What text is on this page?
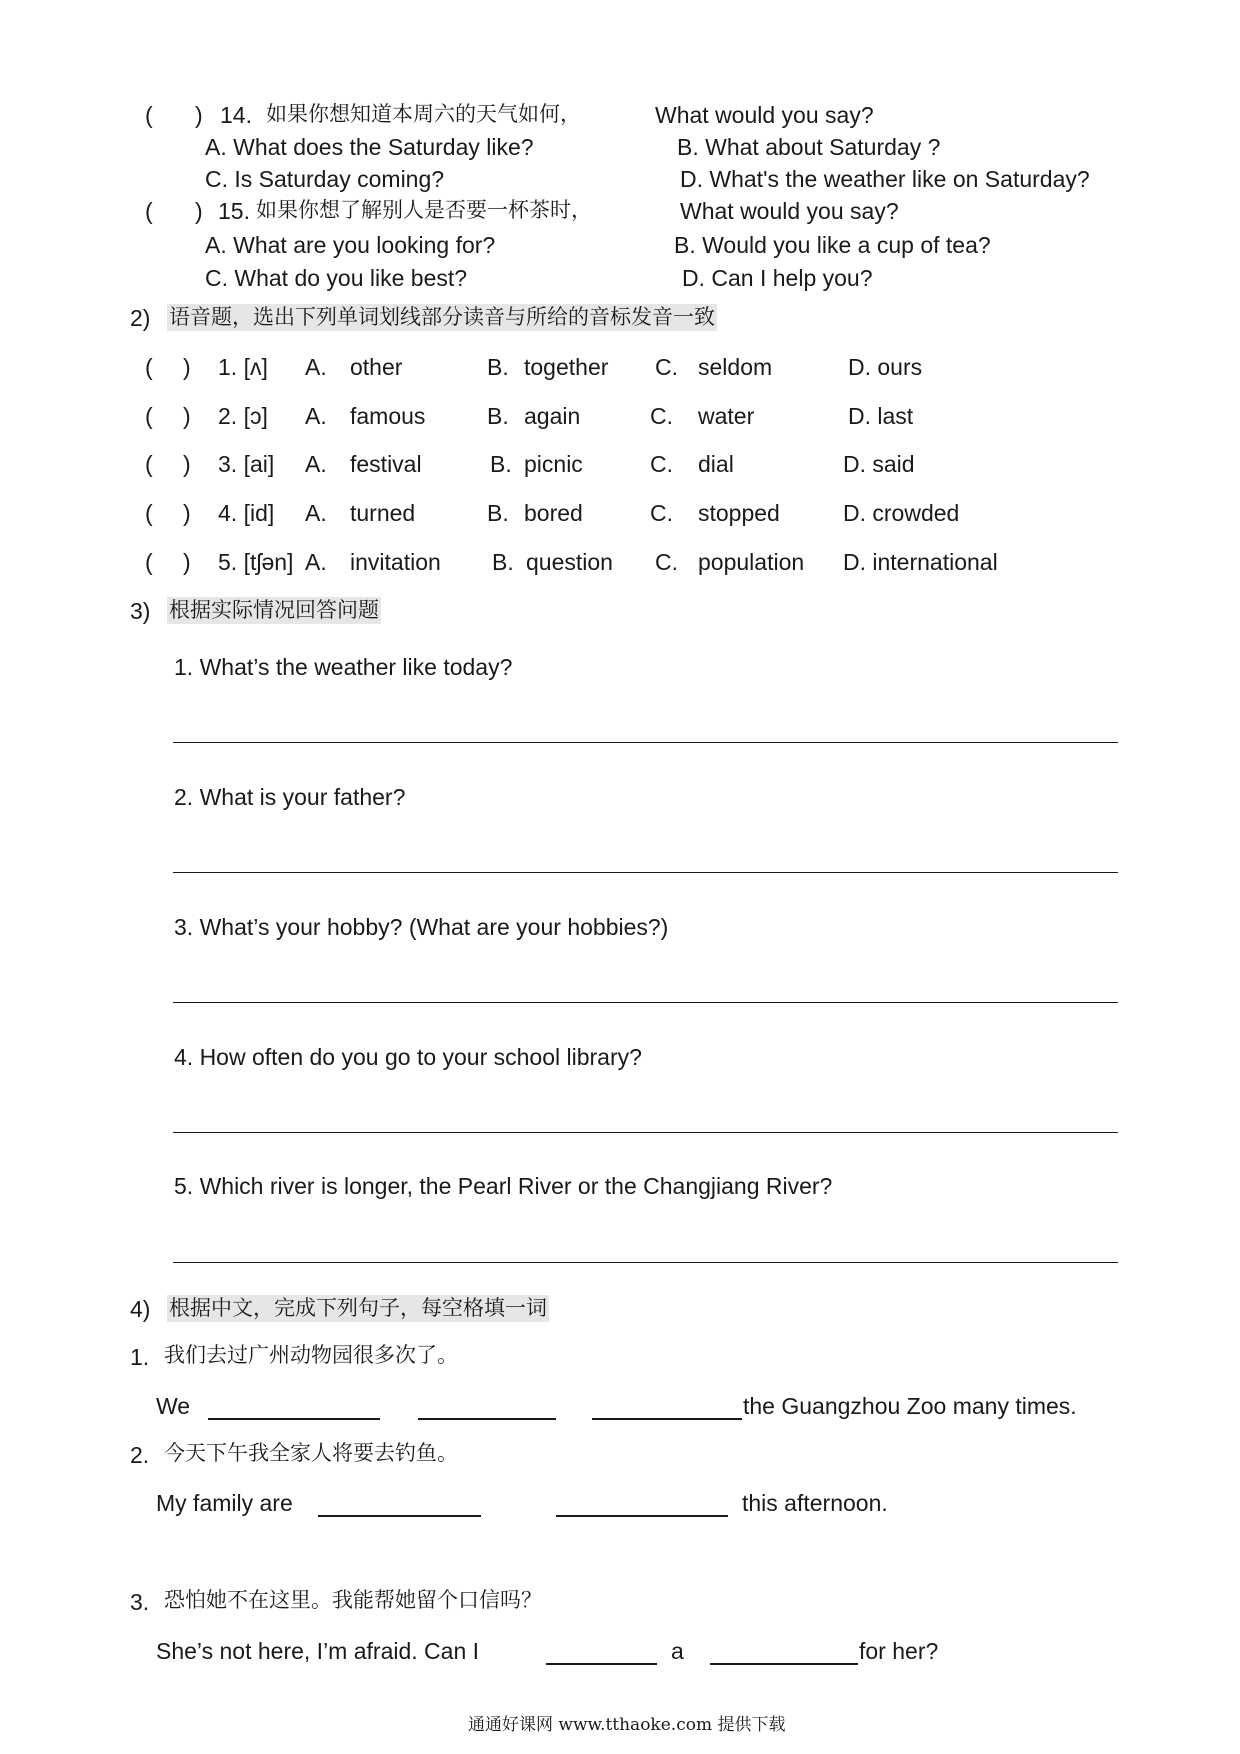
( ) 14. 如果你想知道本周六的天气如何，	What would you say?
A. What does the Saturday like?	B. What about Saturday ?
C. Is Saturday coming?	D. What's the weather like on Saturday?
( ) 15. 如果你想了解别人是否要一杯茶时，	What would you say?
A. What are you looking for?	B. Would you like a cup of tea?
C. What do you like best?	D. Can I help you?
2) 语音题，选出下列单词划线部分读音与所给的音标发音一致
( ) 1. [ʌ] A. other	B. together C. seldom	D. ours
( ) 2. [ɔ] A. famous	B. again	C. water	D. last
( ) 3. [ai] A. festival	B. picnic	C. dial	D. said
( ) 4. [id] A. turned	B. bored	C. stopped	D. crowded
( ) 5. [tʃən] A. invitation B. question C. population D. international
3) 根据实际情况回答问题
1. What’s the weather like today?
2. What is your father?
3. What’s your hobby? (What are your hobbies?)
4. How often do you go to your school library?
5. Which river is longer, the Pearl River or the Changjiang River?
4) 根据中文，完成下列句子，每空格填一词
1. 我们去过广州动物园很多次了。
We	the Guangzhou Zoo many times.
2. 今天下午我全家人将要去钓鱼。
My family are	this afternoon.
3. 恐怕她不在这里。我能帮她留个口信吗？
She’s not here, I’m afraid. Can I	a	for her?
通通好课网 www.tthaoke.com 提供下载
